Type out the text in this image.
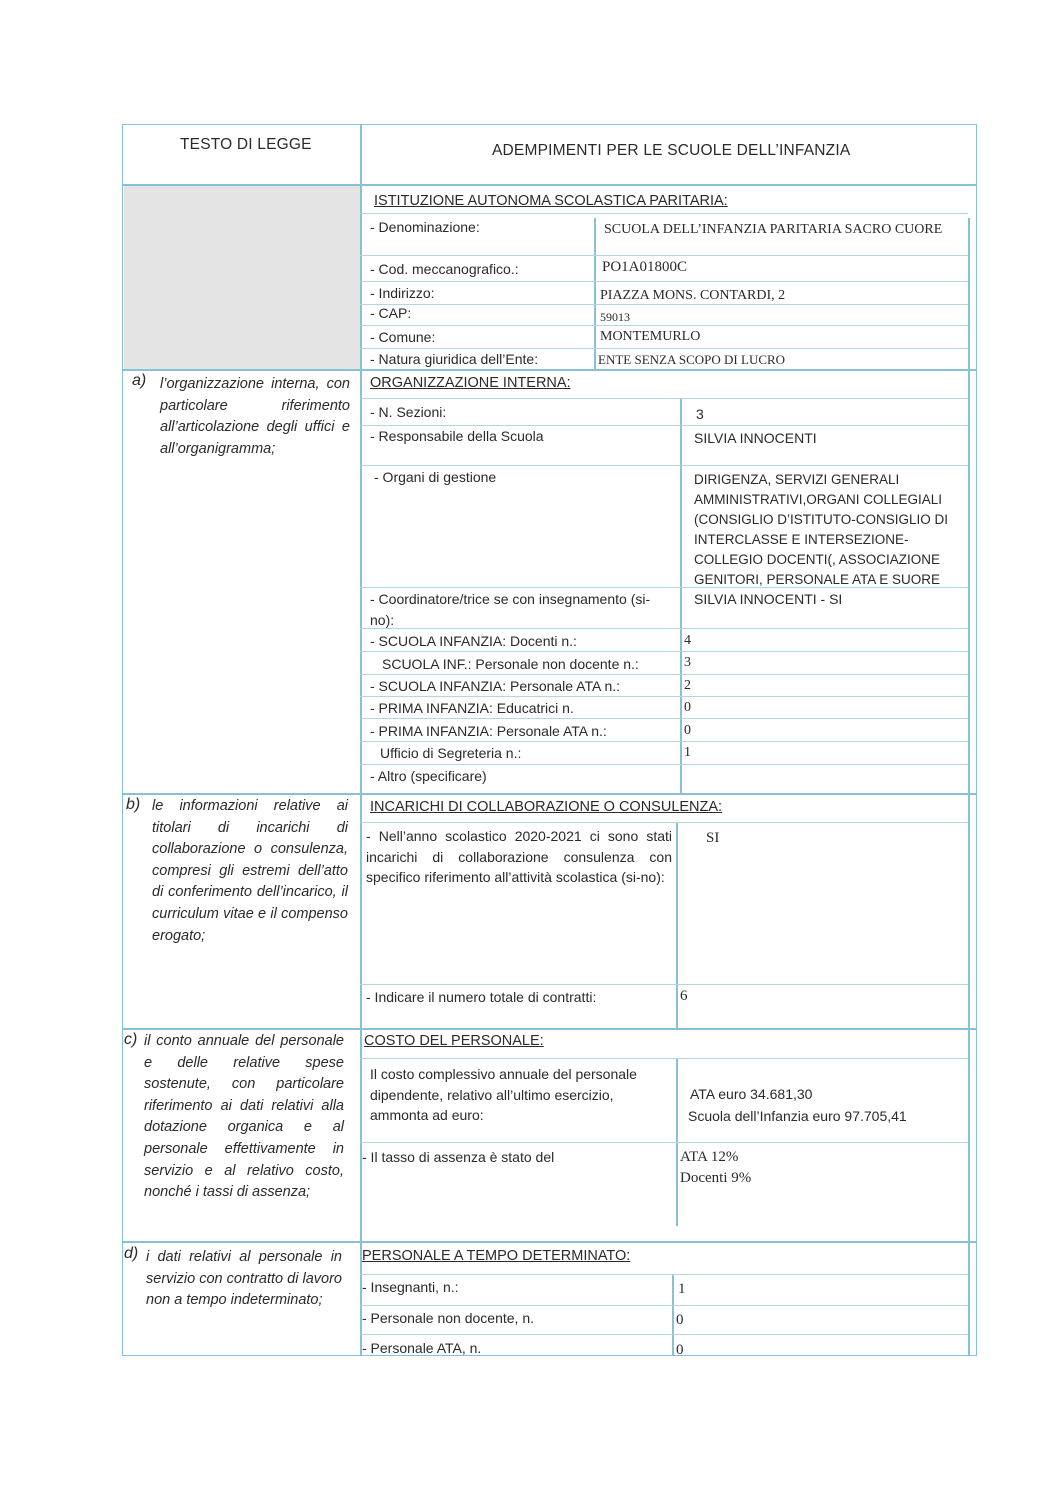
TESTO DI LEGGE	ADEMPIMENTI PER LE SCUOLE DELL’INFANZIA
ISTITUZIONE AUTONOMA SCOLASTICA PARITARIA:
- Denominazione:	SCUOLA DELL’INFANZIA PARITARIA SACRO CUORE
- Cod. meccanografico.:	PO1A01800C
- Indirizzo:	PIAZZA MONS. CONTARDI, 2
- CAP:	59013
- Comune:	MONTEMURLO
- Natura giuridica dell’Ente:	ENTE SENZA SCOPO DI LUCRO
a) l’organizzazione interna, con particolare riferimento all’articolazione degli uffici e all’organigramma;
ORGANIZZAZIONE INTERNA:
- N. Sezioni:	3
- Responsabile della Scuola	SILVIA INNOCENTI
- Organi di gestione	DIRIGENZA, SERVIZI GENERALI AMMINISTRATIVI,ORGANI COLLEGIALI (CONSIGLIO D’ISTITUTO-CONSIGLIO DI INTERCLASSE E INTERSEZIONE-COLLEGIO DOCENTI(, ASSOCIAZIONE GENITORI, PERSONALE ATA E SUORE
- Coordinatore/trice se con insegnamento (si-no):
SILVIA INNOCENTI - SI
- SCUOLA INFANZIA: Docenti n.:	4
SCUOLA INF.: Personale non docente n.:	3
- SCUOLA INFANZIA: Personale ATA n.:	2
- PRIMA INFANZIA: Educatrici n.	0
- PRIMA INFANZIA: Personale ATA n.:	0
Ufficio di Segreteria n.:	1
- Altro (specificare)
b) le informazioni relative ai titolari di incarichi di collaborazione o consulenza, compresi gli estremi dell’atto di conferimento dell’incarico, il curriculum vitae e il compenso erogato;
INCARICHI DI COLLABORAZIONE O CONSULENZA:
- Nell’anno scolastico 2020-2021 ci sono stati incarichi di collaborazione consulenza con specifico riferimento all’attività scolastica (si-no):
SI
- Indicare il numero totale di contratti:	6
c) il conto annuale del personale e delle relative spese sostenute, con particolare riferimento ai dati relativi alla dotazione organica e al personale effettivamente in servizio e al relativo costo, nonché i tassi di assenza;
COSTO DEL PERSONALE:
Il costo complessivo annuale del personale dipendente, relativo all’ultimo esercizio, ammonta ad euro:
ATA euro 34.681,30
Scuola dell’Infanzia euro 97.705,41
- Il tasso di assenza è stato del	ATA 12%
Docenti 9%
d) i dati relativi al personale in servizio con contratto di lavoro non a tempo indeterminato;
PERSONALE A TEMPO DETERMINATO:
- Insegnanti, n.:	1
- Personale non docente, n.	0
- Personale ATA, n.	0
